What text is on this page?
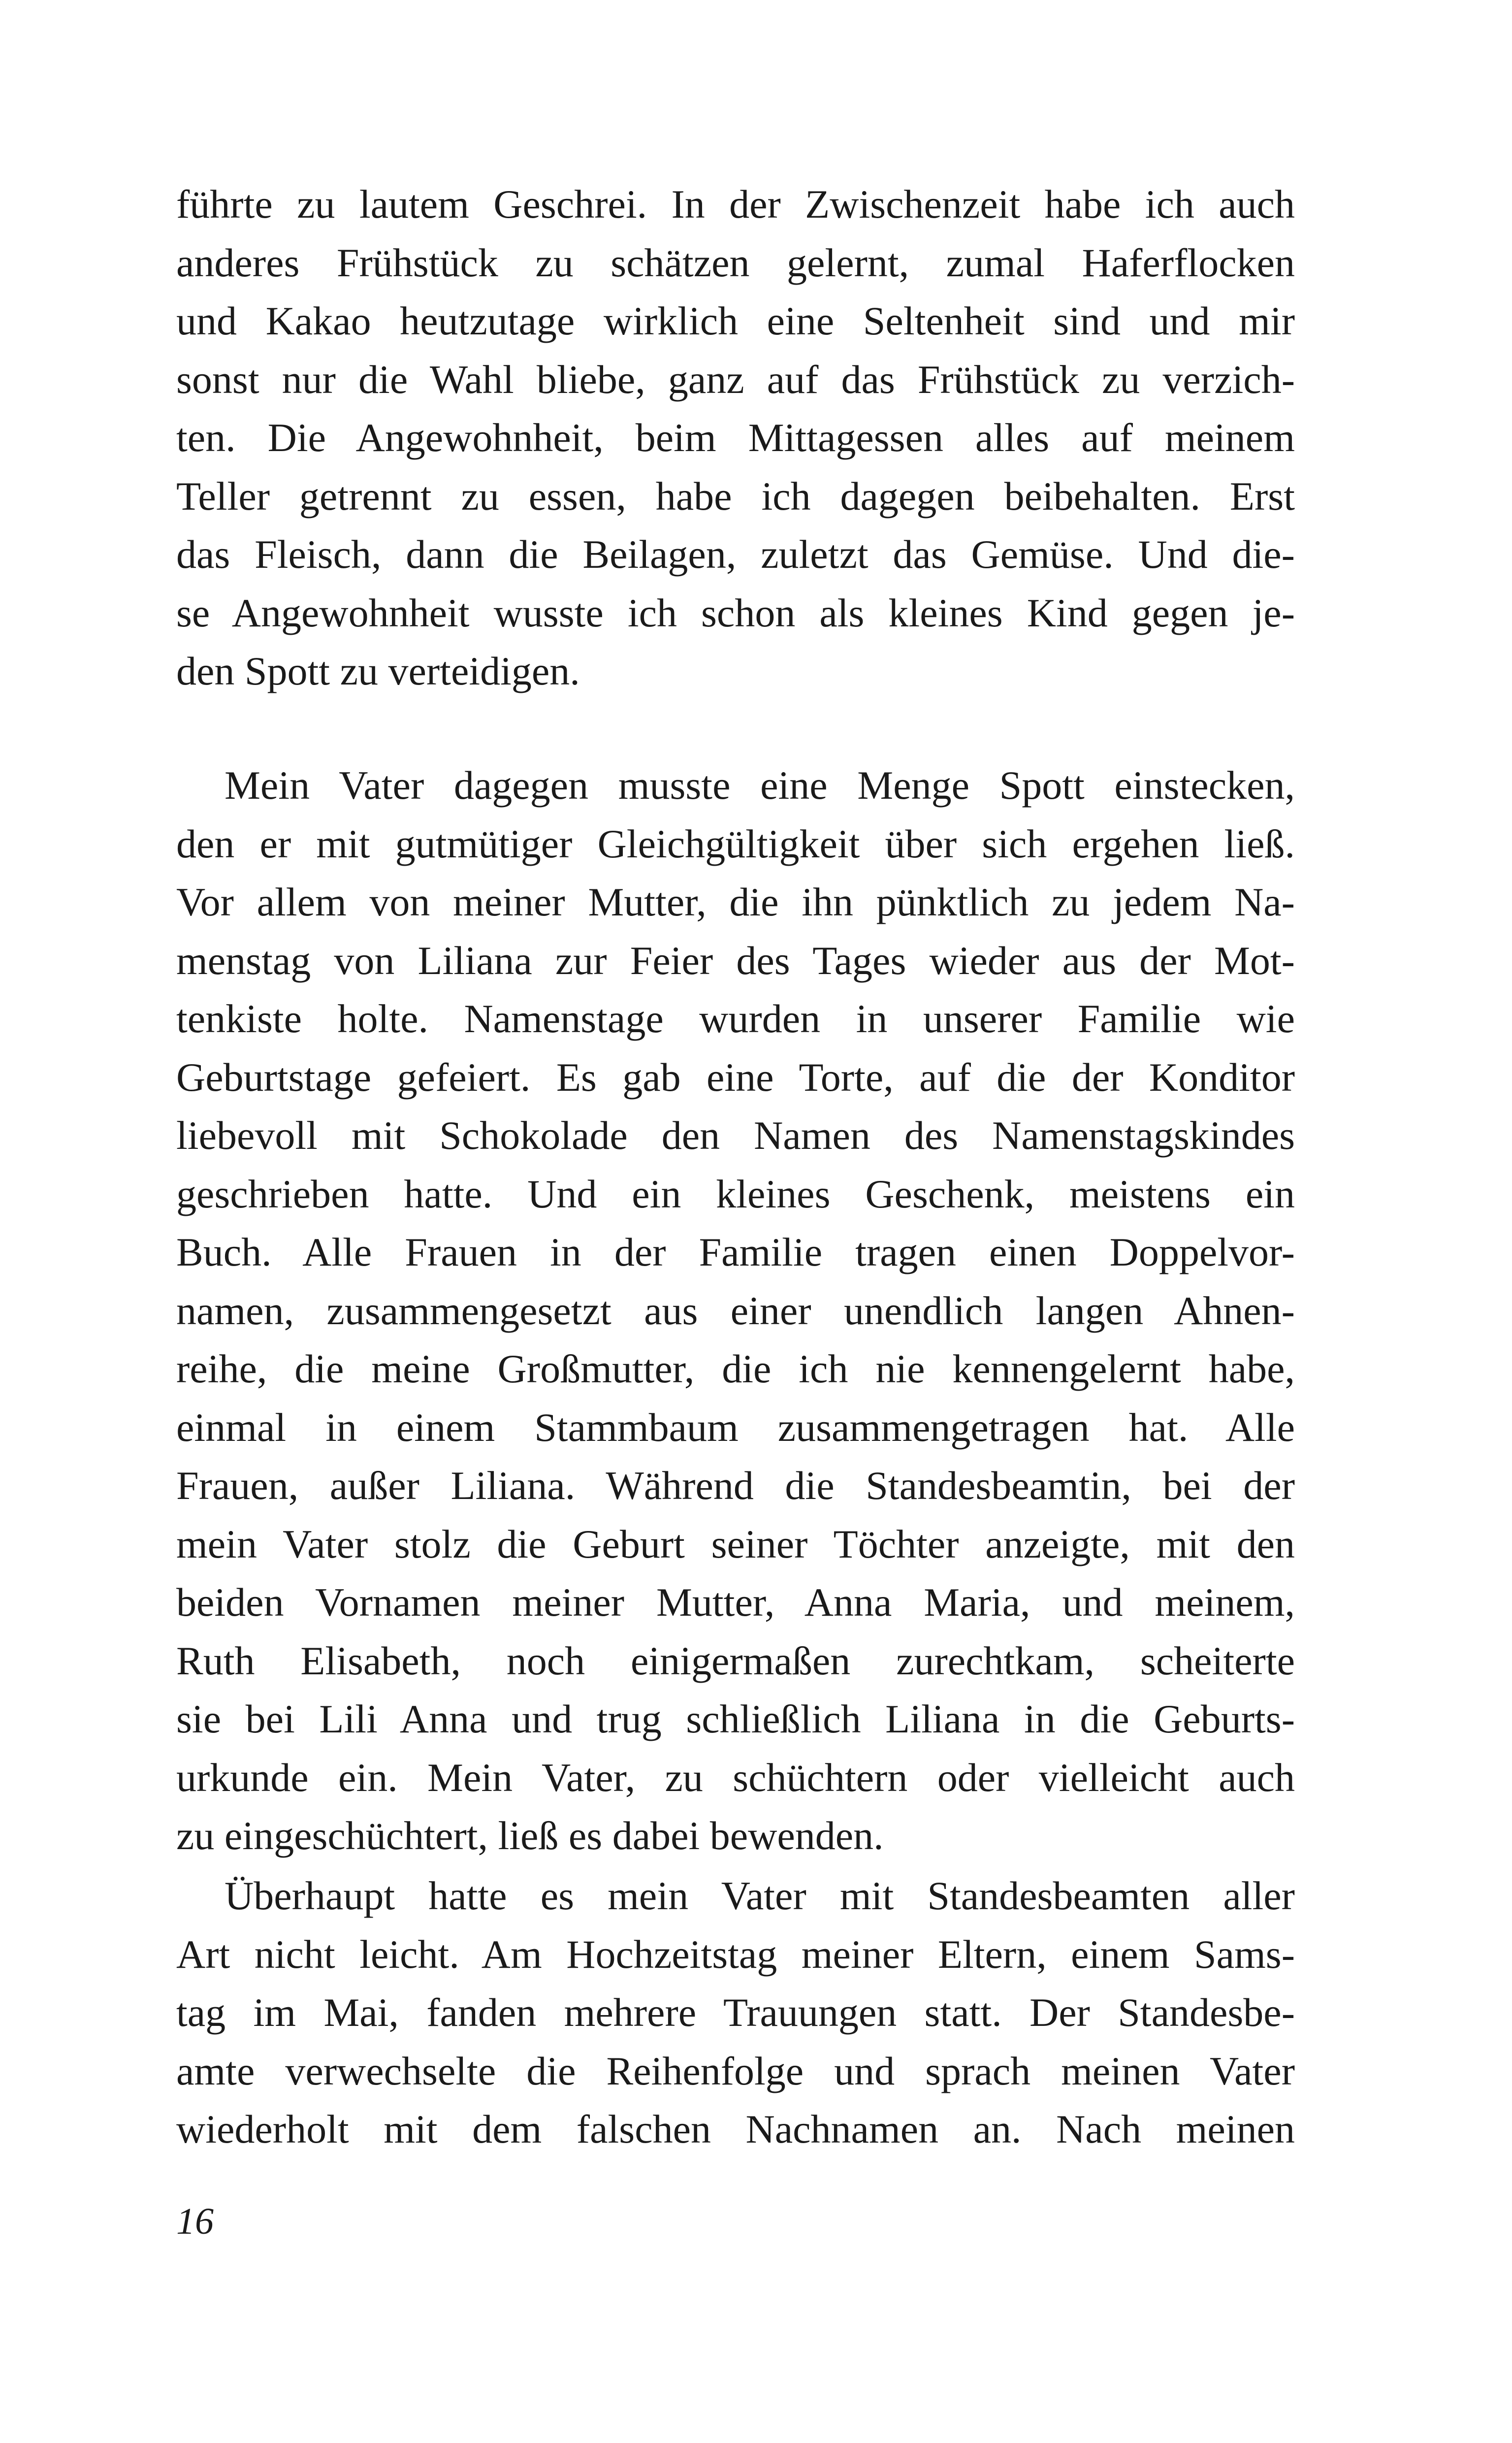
führte zu lautem Geschrei. In der Zwischenzeit habe ich auch
anderes Frühstück zu schätzen gelernt, zumal Haferflocken
und Kakao heutzutage wirklich eine Seltenheit sind und mir
sonst nur die Wahl bliebe, ganz auf das Frühstück zu verzich-
ten. Die Angewohnheit, beim Mittagessen alles auf meinem
Teller getrennt zu essen, habe ich dagegen beibehalten. Erst
das Fleisch, dann die Beilagen, zuletzt das Gemüse. Und die-
se Angewohnheit wusste ich schon als kleines Kind gegen je-
den Spott zu verteidigen.
Mein Vater dagegen musste eine Menge Spott einstecken,
den er mit gutmütiger Gleichgültigkeit über sich ergehen ließ.
Vor allem von meiner Mutter, die ihn pünktlich zu jedem Na-
menstag von Liliana zur Feier des Tages wieder aus der Mot-
tenkiste holte. Namenstage wurden in unserer Familie wie
Geburtstage gefeiert. Es gab eine Torte, auf die der Konditor
liebevoll mit Schokolade den Namen des Namenstagskindes
geschrieben hatte. Und ein kleines Geschenk, meistens ein
Buch. Alle Frauen in der Familie tragen einen Doppelvor-
namen, zusammengesetzt aus einer unendlich langen Ahnen-
reihe, die meine Großmutter, die ich nie kennengelernt habe,
einmal in einem Stammbaum zusammengetragen hat. Alle
Frauen, außer Liliana. Während die Standesbeamtin, bei der
mein Vater stolz die Geburt seiner Töchter anzeigte, mit den
beiden Vornamen meiner Mutter, Anna Maria, und meinem,
Ruth Elisabeth, noch einigermaßen zurechtkam, scheiterte
sie bei Lili Anna und trug schließlich Liliana in die Geburts-
urkunde ein. Mein Vater, zu schüchtern oder vielleicht auch
zu eingeschüchtert, ließ es dabei bewenden.
Überhaupt hatte es mein Vater mit Standesbeamten aller
Art nicht leicht. Am Hochzeitstag meiner Eltern, einem Sams-
tag im Mai, fanden mehrere Trauungen statt. Der Standesbe-
amte verwechselte die Reihenfolge und sprach meinen Vater
wiederholt mit dem falschen Nachnamen an. Nach meinen
16
